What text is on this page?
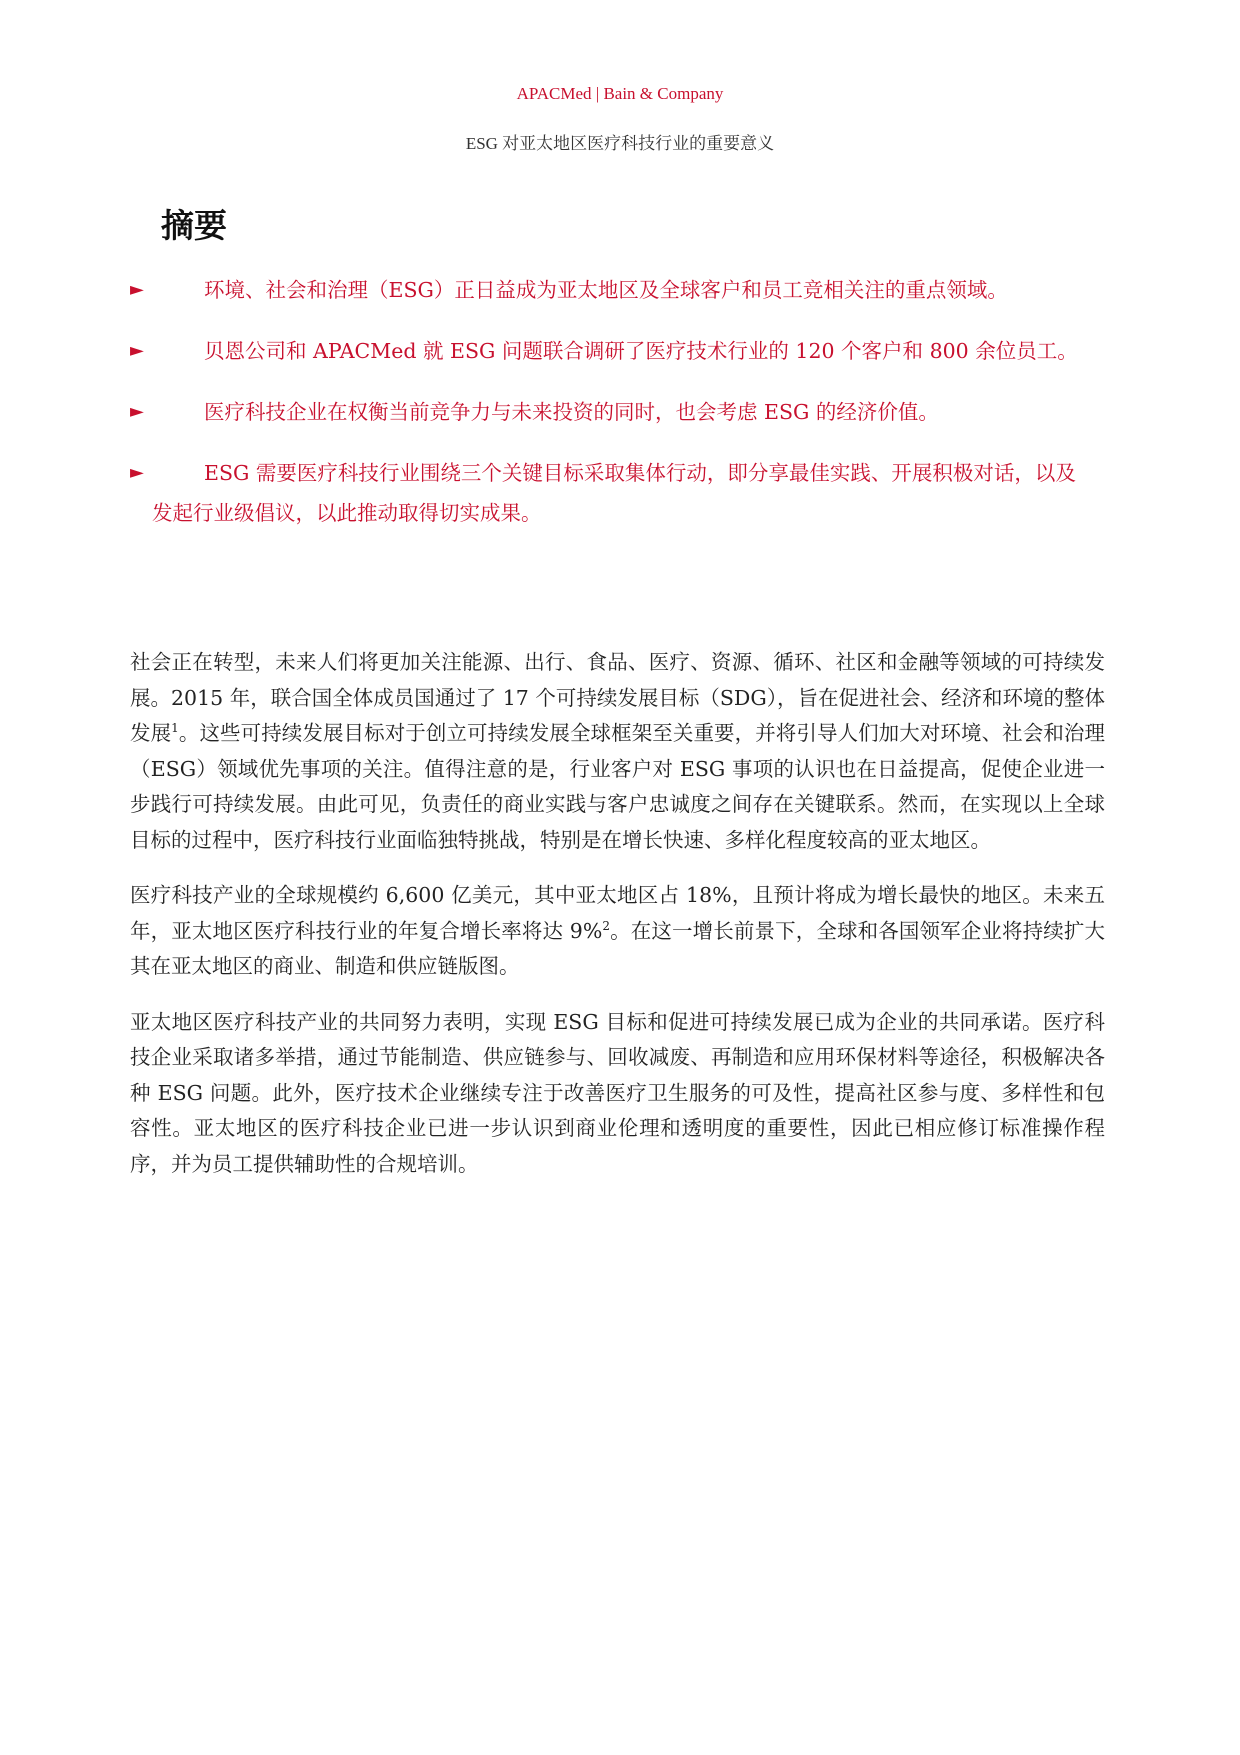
APACMed | Bain & Company
ESG 对亚太地区医疗科技行业的重要意义
摘要
►	环境、社会和治理（ESG）正日益成为亚太地区及全球客户和员工竞相关注的重点领域。
►	贝恩公司和 APACMed 就 ESG 问题联合调研了医疗技术行业的 120 个客户和 800 余位员工。
►	医疗科技企业在权衡当前竞争力与未来投资的同时，也会考虑 ESG 的经济价值。
►	ESG 需要医疗科技行业围绕三个关键目标采取集体行动，即分享最佳实践、开展积极对话，以及发起行业级倡议，以此推动取得切实成果。

社会正在转型，未来人们将更加关注能源、出行、食品、医疗、资源、循环、社区和金融等领域的可持续发展。2015 年，联合国全体成员国通过了 17 个可持续发展目标（SDG），旨在促进社会、经济和环境的整体发展$^1$。这些可持续发展目标对于创立可持续发展全球框架至关重要，并将引导人们加大对环境、社会和治理（ESG）领域优先事项的关注。值得注意的是，行业客户对 ESG 事项的认识也在日益提高，促使企业进一步践行可持续发展。由此可见，负责任的商业实践与客户忠诚度之间存在关键联系。然而，在实现以上全球目标的过程中，医疗科技行业面临独特挑战，特别是在增长快速、多样化程度较高的亚太地区。

医疗科技产业的全球规模约 6,600 亿美元，其中亚太地区占 18%，且预计将成为增长最快的地区。未来五年，亚太地区医疗科技行业的年复合增长率将达 9%$^2$。在这一增长前景下，全球和各国领军企业将持续扩大其在亚太地区的商业、制造和供应链版图。

亚太地区医疗科技产业的共同努力表明，实现 ESG 目标和促进可持续发展已成为企业的共同承诺。医疗科技企业采取诸多举措，通过节能制造、供应链参与、回收减废、再制造和应用环保材料等途径，积极解决各种 ESG 问题。此外，医疗技术企业继续专注于改善医疗卫生服务的可及性，提高社区参与度、多样性和包容性。亚太地区的医疗科技企业已进一步认识到商业伦理和透明度的重要性，因此已相应修订标准操作程序，并为员工提供辅助性的合规培训。
